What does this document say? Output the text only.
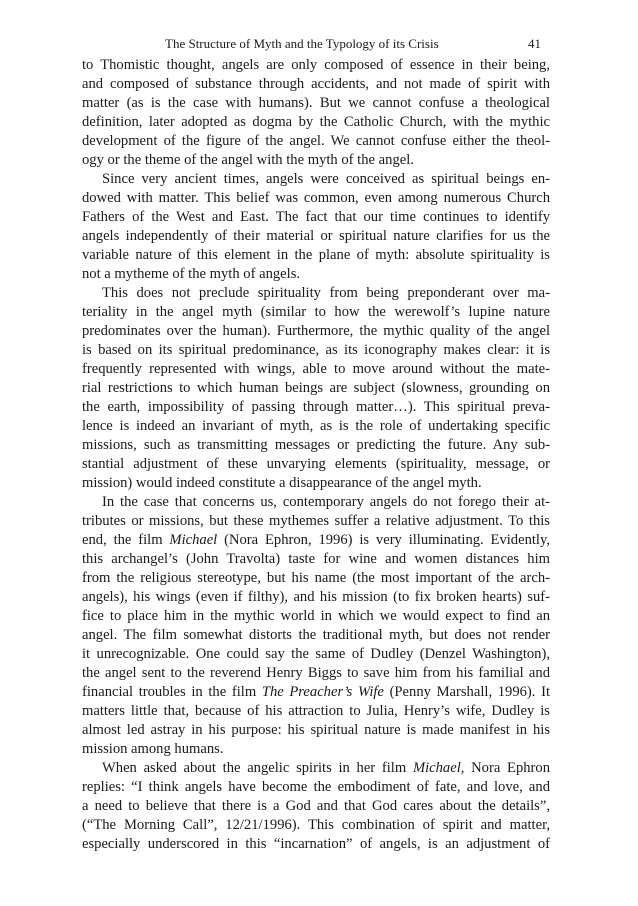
The Structure of Myth and the Typology of its Crisis	41
to Thomistic thought, angels are only composed of essence in their being,
and composed of substance through accidents, and not made of spirit with
matter (as is the case with humans). But we cannot confuse a theological
definition, later adopted as dogma by the Catholic Church, with the mythic
development of the figure of the angel. We cannot confuse either the theol-
ogy or the theme of the angel with the myth of the angel.
Since very ancient times, angels were conceived as spiritual beings en-
dowed with matter. This belief was common, even among numerous Church
Fathers of the West and East. The fact that our time continues to identify
angels independently of their material or spiritual nature clarifies for us the
variable nature of this element in the plane of myth: absolute spirituality is
not a mytheme of the myth of angels.
This does not preclude spirituality from being preponderant over ma-
teriality in the angel myth (similar to how the werewolf’s lupine nature
predominates over the human). Furthermore, the mythic quality of the angel
is based on its spiritual predominance, as its iconography makes clear: it is
frequently represented with wings, able to move around without the mate-
rial restrictions to which human beings are subject (slowness, grounding on
the earth, impossibility of passing through matter…). This spiritual preva-
lence is indeed an invariant of myth, as is the role of undertaking specific
missions, such as transmitting messages or predicting the future. Any sub-
stantial adjustment of these unvarying elements (spirituality, message, or
mission) would indeed constitute a disappearance of the angel myth.
In the case that concerns us, contemporary angels do not forego their at-
tributes or missions, but these mythemes suffer a relative adjustment. To this
end, the film Michael (Nora Ephron, 1996) is very illuminating. Evidently,
this archangel’s (John Travolta) taste for wine and women distances him
from the religious stereotype, but his name (the most important of the arch-
angels), his wings (even if filthy), and his mission (to fix broken hearts) suf-
fice to place him in the mythic world in which we would expect to find an
angel. The film somewhat distorts the traditional myth, but does not render
it unrecognizable. One could say the same of Dudley (Denzel Washington),
the angel sent to the reverend Henry Biggs to save him from his familial and
financial troubles in the film The Preacher’s Wife (Penny Marshall, 1996). It
matters little that, because of his attraction to Julia, Henry’s wife, Dudley is
almost led astray in his purpose: his spiritual nature is made manifest in his
mission among humans.
When asked about the angelic spirits in her film Michael, Nora Ephron
replies: “I think angels have become the embodiment of fate, and love, and
a need to believe that there is a God and that God cares about the details”,
(“The Morning Call”, 12/21/1996). This combination of spirit and matter,
especially underscored in this “incarnation” of angels, is an adjustment of
